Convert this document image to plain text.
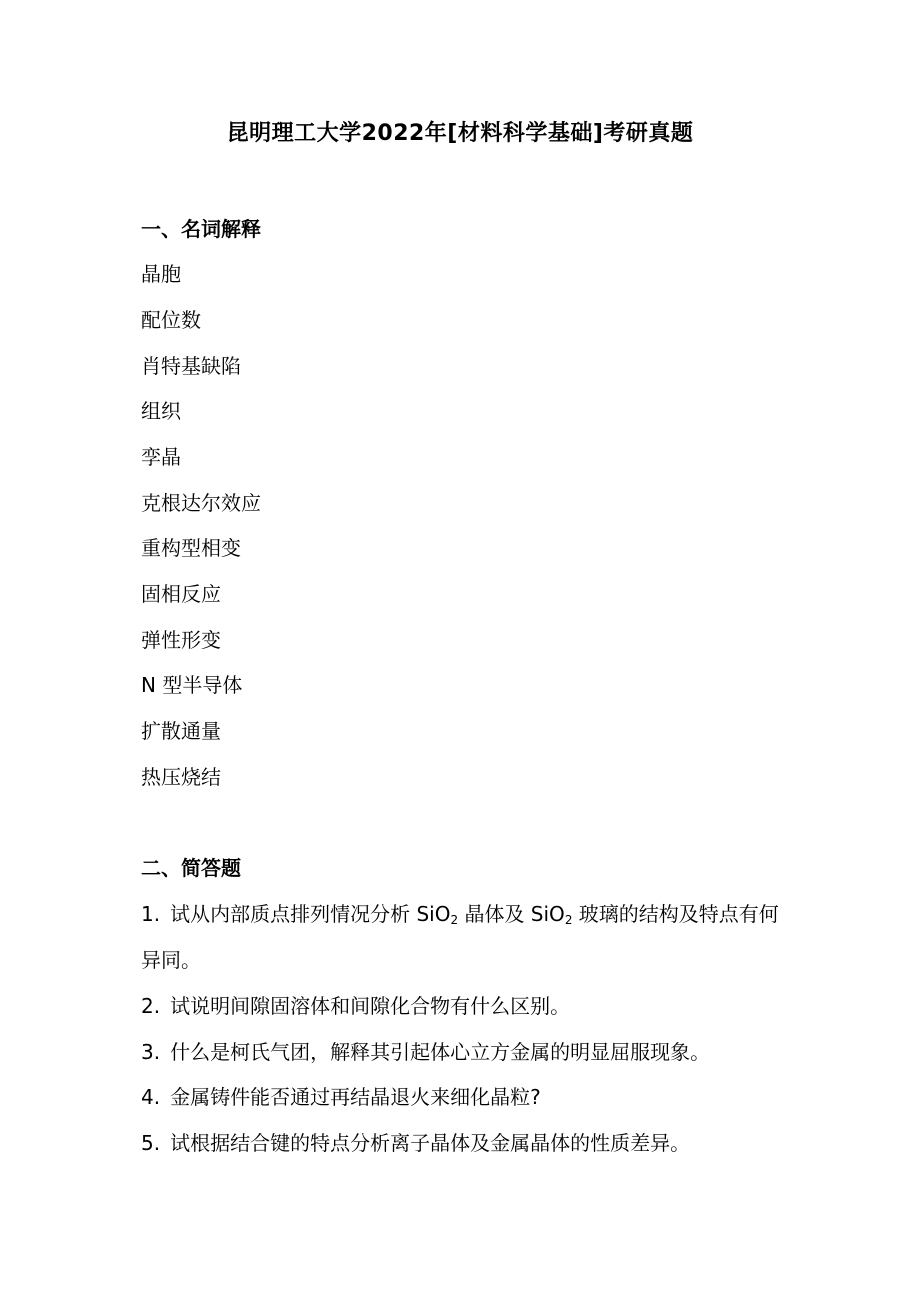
昆明理工大学2022年[材料科学基础]考研真题
一、名词解释
晶胞
配位数
肖特基缺陷
组织
孪晶
克根达尔效应
重构型相变
固相反应
弹性形变
N 型半导体
扩散通量
热压烧结
二、简答题
1. 试从内部质点排列情况分析 SiO$_2$ 晶体及 SiO$_2$ 玻璃的结构及特点有何异同。
2. 试说明间隙固溶体和间隙化合物有什么区别。
3. 什么是柯氏气团，解释其引起体心立方金属的明显屈服现象。
4. 金属铸件能否通过再结晶退火来细化晶粒?
5. 试根据结合键的特点分析离子晶体及金属晶体的性质差异。
